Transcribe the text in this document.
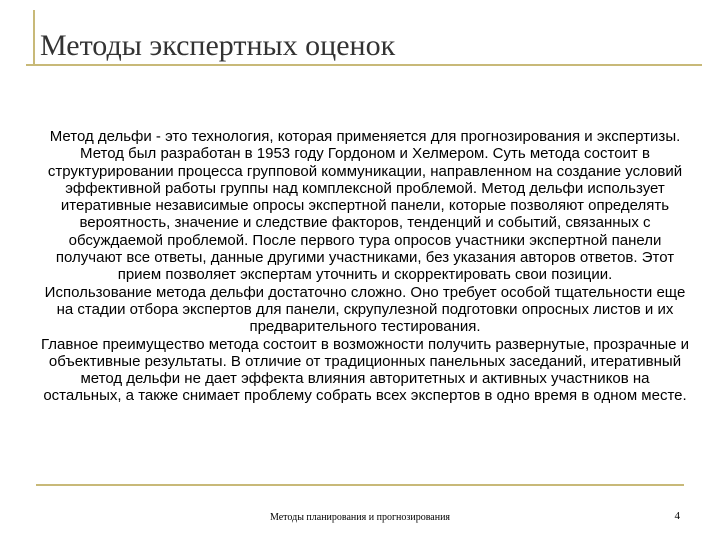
Методы экспертных оценок

Метод дельфи - это технология, которая применяется для прогнозирования и экспертизы. Метод был разработан в 1953 году Гордоном и Хелмером. Суть метода состоит в структурировании процесса групповой коммуникации, направленном на создание условий эффективной работы группы над комплексной проблемой. Метод дельфи использует итеративные независимые опросы экспертной панели, которые позволяют определять вероятность, значение и следствие факторов, тенденций и событий, связанных с обсуждаемой проблемой. После первого тура опросов участники экспертной панели получают все ответы, данные другими участниками, без указания авторов ответов. Этот прием позволяет экспертам уточнить и скорректировать свои позиции.

Использование метода дельфи достаточно сложно. Оно требует особой тщательности еще на стадии отбора экспертов для панели, скрупулезной подготовки опросных листов и их предварительного тестирования.

Главное преимущество метода состоит в возможности получить развернутые, прозрачные и объективные результаты. В отличие от традиционных панельных заседаний, итеративный метод дельфи не дает эффекта влияния авторитетных и активных участников на остальных, а также снимает проблему собрать всех экспертов в одно время в одном месте.

Методы планирования и прогнозирования	4
